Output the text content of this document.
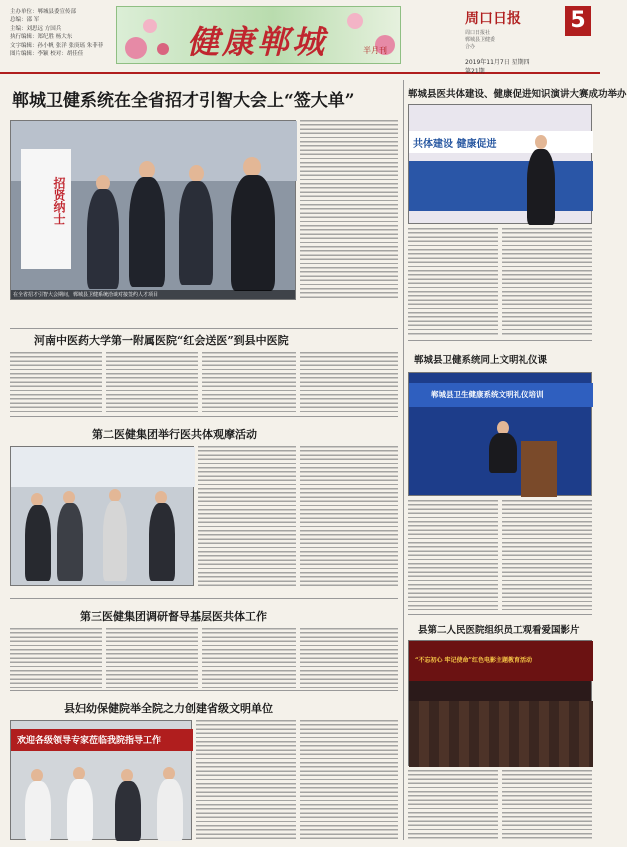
主办单位：郸城县委宣传部
总编：邵 军
主编：刘思远 方国兵
执行编辑：郑纪胜 杨大东
文字编辑：孙小帆 张洋 张庚瑶 朱菲菲
图片编辑：李颖 校对：胡佳佳	健康郸城	半月刊
周口日报
周口日报社
郸城县卫健委
合办
2019年11月7日 星期四
第21期
5
郸城卫健系统在全省招才引智大会上“签大单”
招贤纳士
在全省招才引智大会期间，郸城县卫健系统洽谈对接签约人才项目
河南中医药大学第一附属医院“红会送医”到县中医院
第二医健集团举行医共体观摩活动
第三医健集团调研督导基层医共体工作
县妇幼保健院举全院之力创建省级文明单位
欢迎各级领导专家莅临我院指导工作
郸城县医共体建设、健康促进知识演讲大赛成功举办
共体建设 健康促进
郸城县卫健系统同上文明礼仪课
郸城县卫生健康系统文明礼仪培训
县第二人民医院组织员工观看爱国影片
“不忘初心 牢记使命”红色电影主题教育活动
